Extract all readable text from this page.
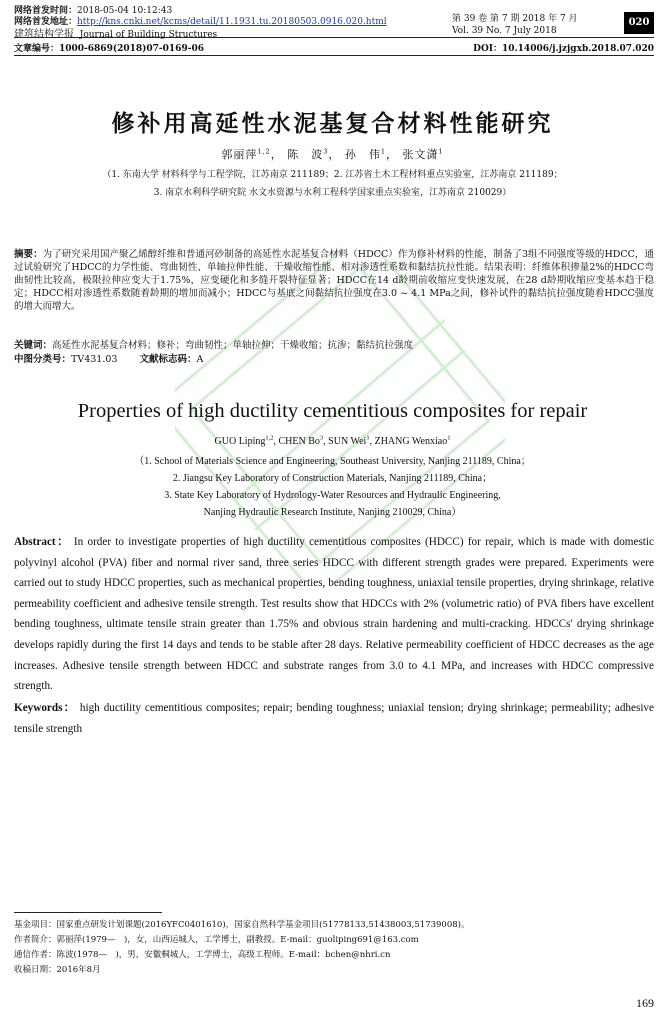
网络首发时间：2018-05-04 10:12:43
网络首发地址：http://kns.cnki.net/kcms/detail/11.1931.tu.20180503.0916.020.html
建筑结构学报 Journal of Building Structures
第 39 卷 第 7 期 2018 年 7 月
Vol. 39 No. 7 July 2018
020
文章编号：1000-6869(2018)07-0169-06	DOI：10.14006/j.jzjgxb.2018.07.020
修补用高延性水泥基复合材料性能研究
郭丽萍$^{1,2}$， 陈　波$^3$， 孙　伟$^1$， 张文潇$^1$
（1. 东南大学 材料科学与工程学院，江苏南京 211189；2. 江苏省土木工程材料重点实验室，江苏南京 211189；
3. 南京水利科学研究院 水文水资源与水利工程科学国家重点实验室，江苏南京 210029）
摘要：为了研究采用国产聚乙烯醇纤维和普通河砂制备的高延性水泥基复合材料（HDCC）作为修补材料的性能，制备了3组不同强度等级的HDCC，通过试验研究了HDCC的力学性能、弯曲韧性、单轴拉伸性能、干燥收缩性能、相对渗透性系数和黏结抗拉性能。结果表明：纤维体积掺量2%的HDCC弯曲韧性比较高，极限拉伸应变大于1.75%，应变硬化和多缝开裂特征显著；HDCC在14 d龄期前收缩应变快速发展，在28 d龄期收缩应变基本趋于稳定；HDCC相对渗透性系数随着龄期的增加而减小；HDCC与基底之间黏结抗拉强度在3.0 ~ 4.1 MPa之间，修补试件的黏结抗拉强度随着HDCC强度的增大而增大。
关键词：高延性水泥基复合材料；修补；弯曲韧性；单轴拉伸；干燥收缩；抗渗；黏结抗拉强度
中图分类号：TV431.03 文献标志码：A
Properties of high ductility cementitious composites for repair
GUO Liping$^{1,2}$, CHEN Bo$^3$, SUN Wei$^1$, ZHANG Wenxiao$^1$
（1. School of Materials Science and Engineering, Southeast University, Nanjing 211189, China；
2. Jiangsu Key Laboratory of Construction Materials, Nanjing 211189, China；
3. State Key Laboratory of Hydrology-Water Resources and Hydraulic Engineering,
Nanjing Hydraulic Research Institute, Nanjing 210029, China）
Abstract： In order to investigate properties of high ductility cementitious composites (HDCC) for repair, which is made with domestic polyvinyl alcohol (PVA) fiber and normal river sand, three series HDCC with different strength grades were prepared. Experiments were carried out to study HDCC properties, such as mechanical properties, bending toughness, uniaxial tensile properties, drying shrinkage, relative permeability coefficient and adhesive tensile strength. Test results show that HDCCs with 2% (volumetric ratio) of PVA fibers have excellent bending toughness, ultimate tensile strain greater than 1.75% and obvious strain hardening and multi-cracking. HDCCs' drying shrinkage develops rapidly during the first 14 days and tends to be stable after 28 days. Relative permeability coefficient of HDCC decreases as the age increases. Adhesive tensile strength between HDCC and substrate ranges from 3.0 to 4.1 MPa, and increases with HDCC compressive strength.
Keywords： high ductility cementitious composites; repair; bending toughness; uniaxial tension; drying shrinkage; permeability; adhesive tensile strength
基金项目：国家重点研发计划课题(2016YFC0401610)，国家自然科学基金项目(51778133,51438003,51739008)。
作者简介：郭丽萍(1979—　)，女，山西运城人，工学博士，副教授。E-mail：guoliping691@163.com
通信作者：陈波(1978—　)，男，安徽桐城人，工学博士，高级工程师。E-mail：bchen@nhri.cn
收稿日期：2016年8月
169
